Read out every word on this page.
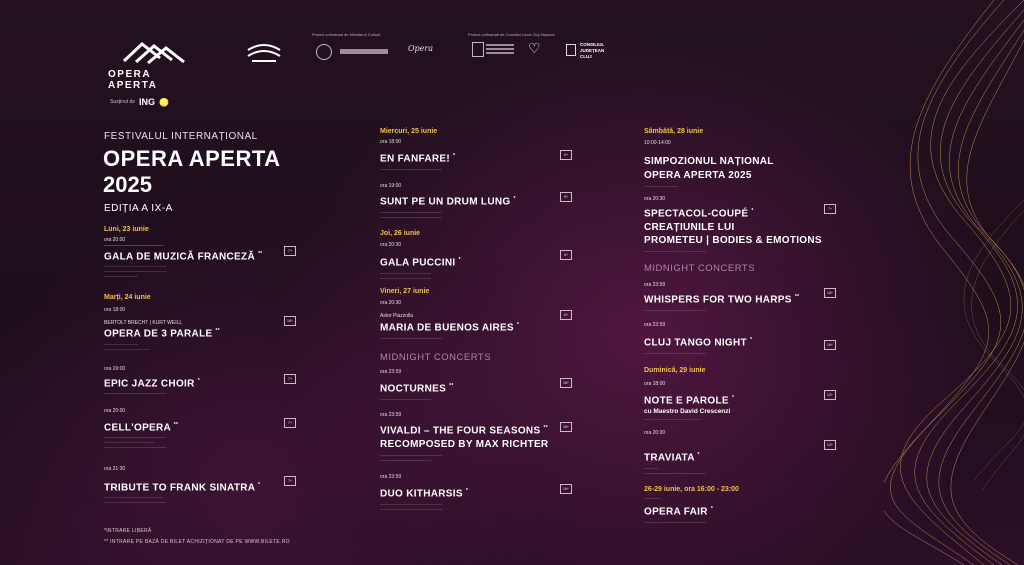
OPERA APERTA
Susținut de ING ♌
Proiect cofinanțat de Ministerul Culturii
Opera
Proiect cofinanțat de Consiliul Local Cluj-Napoca
♡	CONSILIUL JUDEȚEAN CLUJ
FESTIVALUL INTERNAȚIONAL
OPERA APERTA
2025
EDIȚIA A IX-A
Luni, 23 iunie
ora 20:00
─────────────────────
GALA DE MUZICĂ FRANCEZĂ **
──────────────────────
──────────────────────
────────────
7+
Marți, 24 iunie
ora 18:00
BERTOLT BRECHT | KURT WEILL
OPERA DE 3 PARALE **
────────────
────────────────
16+
ora 19:00
EPIC JAZZ CHOIR *
──────────────────────
7+
ora 20:00
CELL'OPERA **
──────────────────────
──────────────────
──────────────────────
7+
ora 21:30
TRIBUTE TO FRANK SINATRA *
─────────────────────
──────────────────────
7+
*INTRARE LIBERĂ
** INTRARE PE BAZĂ DE BILET ACHIZIȚIONAT DE PE WWW.BILETE.RO
Miercuri, 25 iunie
ora 18:00
EN FANFARE! *
──────────────────────
0+
ora 19:00
SUNT PE UN DRUM LUNG *
──────────────────────
──────────────────────
5+
Joi, 26 iunie
ora 20:30
GALA PUCCINI *
──────────────────
──────────────────
0+
Vineri, 27 iunie
ora 20:30
Astor Piazzolla
MARIA DE BUENOS AIRES *
──────────────────────
0+
MIDNIGHT CONCERTS
ora 23:59
NOCTURNES **
──────────────────
16+
ora 23:59
VIVALDI – THE FOUR SEASONS **
RECOMPOSED BY MAX RICHTER
──────────────────────
──────────────────
16+
ora 23:59
DUO KITHARSIS *
──────────────────────
──────────────────────
16+
Sâmbătă, 28 iunie
10:00-14:00
SIMPOZIONUL NAȚIONAL
OPERA APERTA 2025
────────────
ora 20:30
SPECTACOL-COUPÉ *
CREAȚIUNILE LUI
PROMETEU | BODIES & EMOTIONS
──────────────────────
7+
MIDNIGHT CONCERTS
ora 23:59
WHISPERS FOR TWO HARPS **
──────────────────────
16+
ora 23:59
CLUJ TANGO NIGHT *
──────────────────────
16+
Duminică, 29 iunie
ora 18:00
NOTE E PAROLE *
cu Maestro David Crescenzi
────────────────────
12+
ora 20:00
TRAVIATA *
─────
──────────────────────
12+
26-29 iunie, ora 16:00 - 23:00
──────
OPERA FAIR *
──────────────────────
